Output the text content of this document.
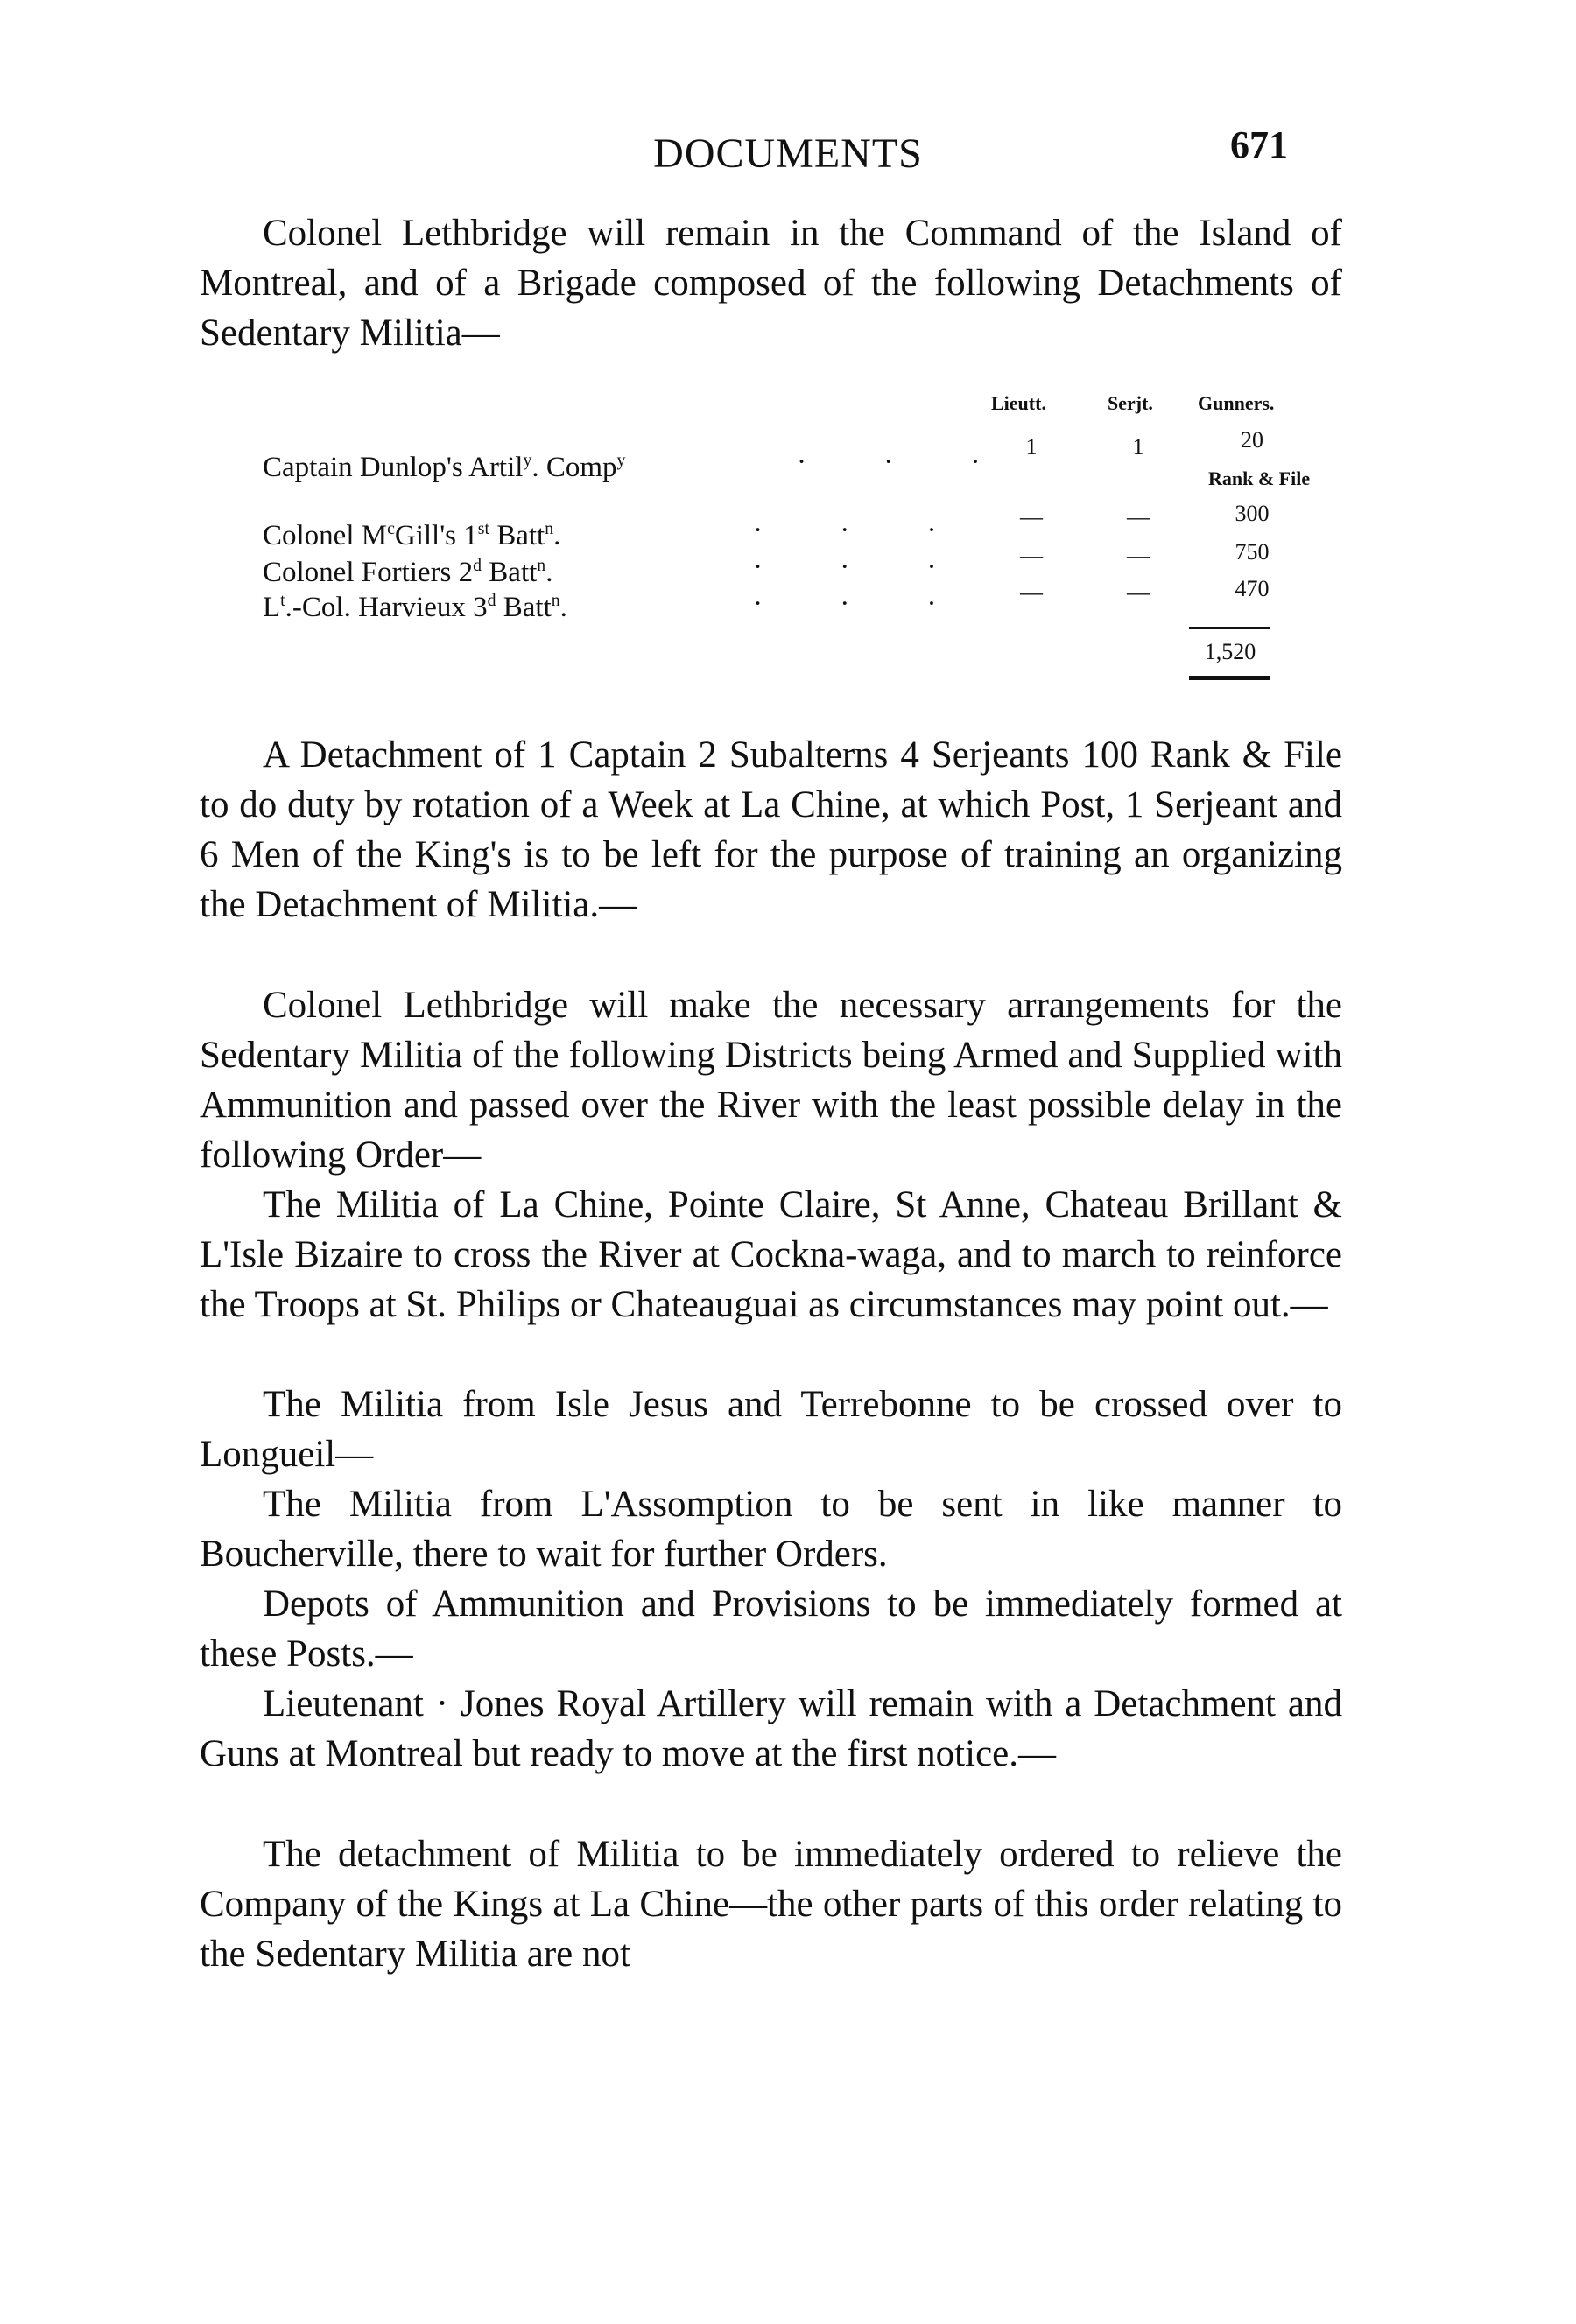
DOCUMENTS	671

Colonel Lethbridge will remain in the Command of the Island of Montreal, and of a Brigade composed of the following Detachments of Sedentary Militia—

Lieutt.	Serjt. Gunners.
Captain Dunlop's Artil$^y$. Comp$^y$	· · · 1	1	20
Rank & File
Colonel $M^cGill's$ 1st Batt$^n$.	· · ·	—	—	300
Colonel Fortiers 2$^d$ Batt$^n$.	· · ·	—	—	750
$L^t$.-Col. Harvieux 3$^d$ Batt$^n$.	· · ·	—	—	470
1,520

A Detachment of 1 Captain 2 Subalterns 4 Serjeants 100 Rank & File to do duty by rotation of a Week at La Chine, at which Post, 1 Serjeant and 6 Men of the King's is to be left for the purpose of training an organizing the Detachment of Militia.—

Colonel Lethbridge will make the necessary arrangements for the Sedentary Militia of the following Districts being Armed and Supplied with Ammunition and passed over the River with the least possible delay in the following Order—

The Militia of La Chine, Pointe Claire, St Anne, Chateau Brillant & L'Isle Bizaire to cross the River at Cockna-waga, and to march to reinforce the Troops at St. Philips or Chateauguai as circumstances may point out.—

The Militia from Isle Jesus and Terrebonne to be crossed over to Longueil—

The Militia from L'Assomption to be sent in like manner to Boucherville, there to wait for further Orders.

Depots of Ammunition and Provisions to be immediately formed at these Posts.—

Lieutenant · Jones Royal Artillery will remain with a Detachment and Guns at Montreal but ready to move at the first notice.—

The detachment of Militia to be immediately ordered to relieve the Company of the Kings at La Chine—the other parts of this order relating to the Sedentary Militia are not
